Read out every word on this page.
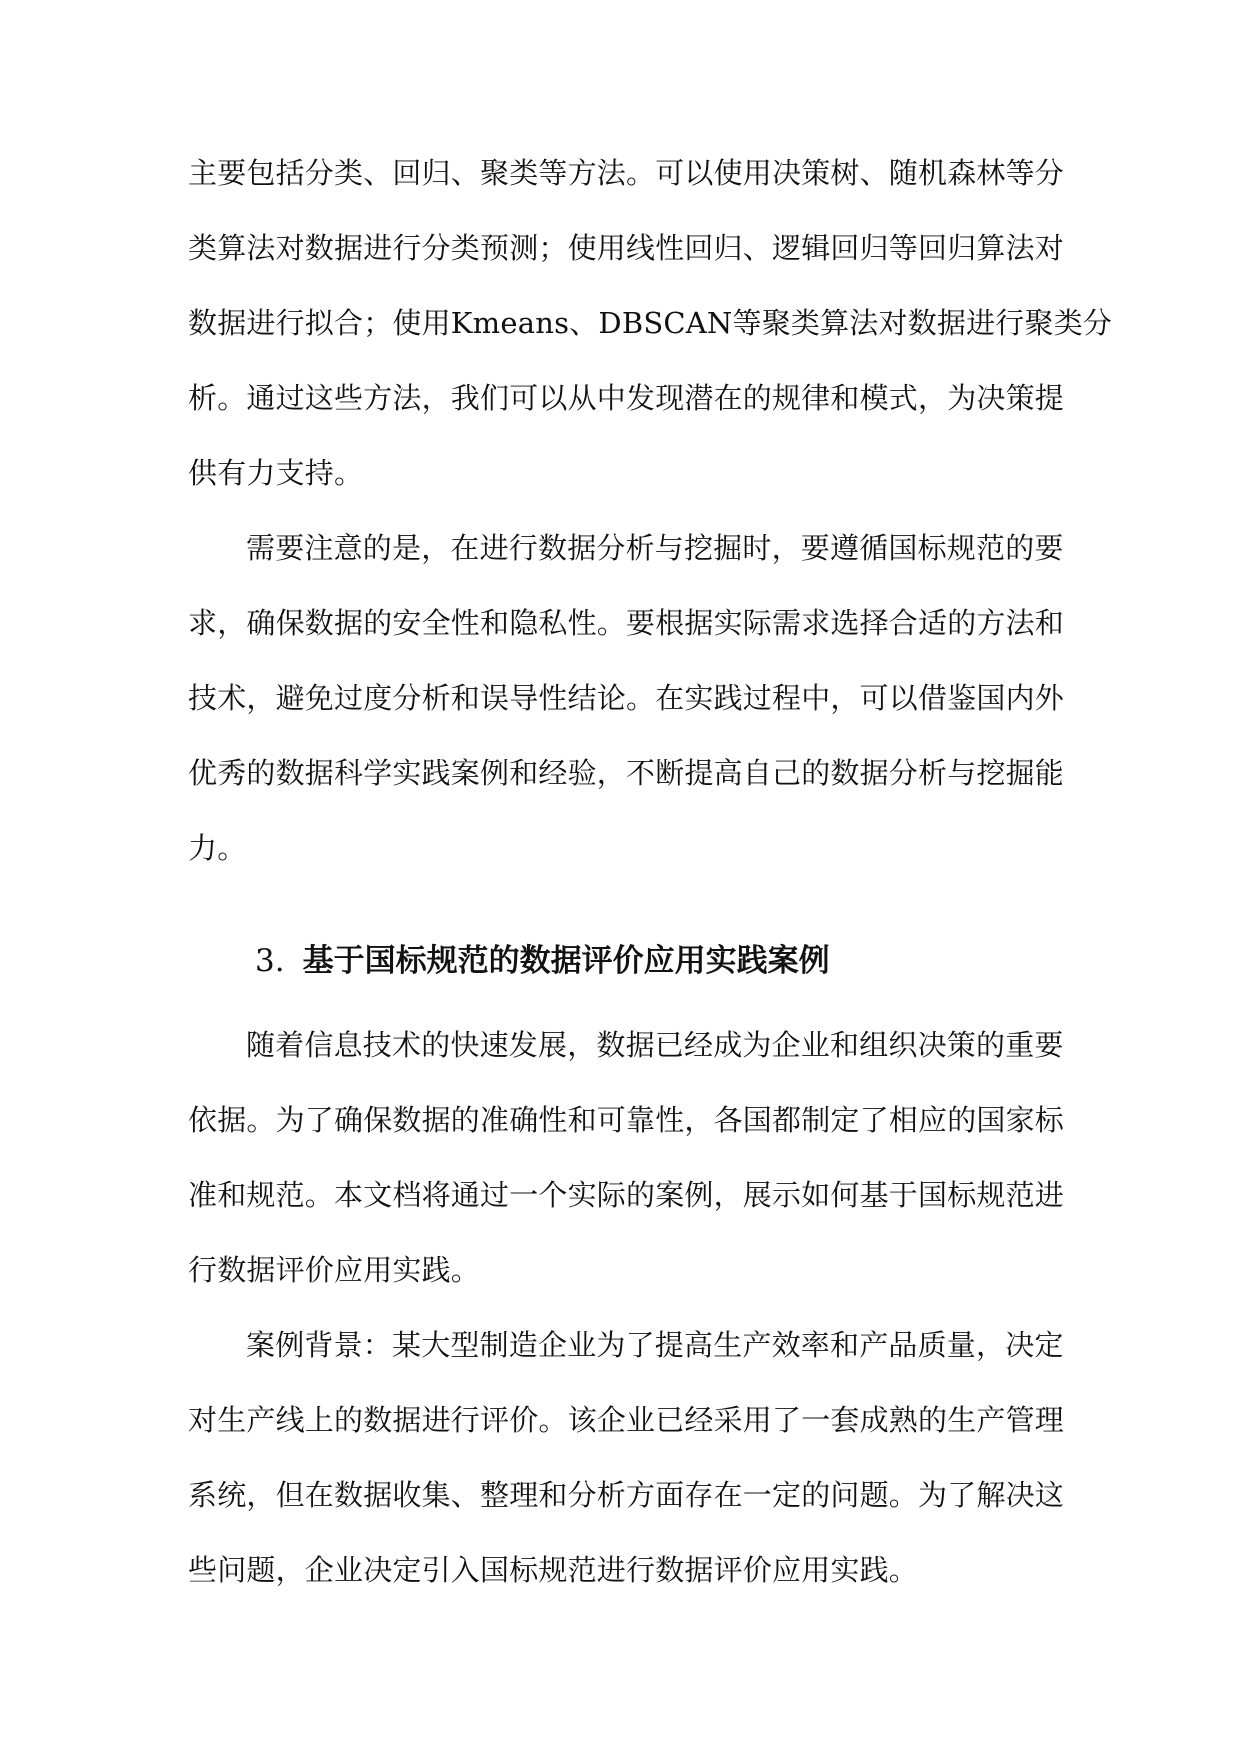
主要包括分类、回归、聚类等方法。可以使用决策树、随机森林等分
类算法对数据进行分类预测；使用线性回归、逻辑回归等回归算法对
数据进行拟合；使用Kmeans、DBSCAN等聚类算法对数据进行聚类分
析。通过这些方法，我们可以从中发现潜在的规律和模式，为决策提
供有力支持。
需要注意的是，在进行数据分析与挖掘时，要遵循国标规范的要
求，确保数据的安全性和隐私性。要根据实际需求选择合适的方法和
技术，避免过度分析和误导性结论。在实践过程中，可以借鉴国内外
优秀的数据科学实践案例和经验，不断提高自己的数据分析与挖掘能
力。
3. 基于国标规范的数据评价应用实践案例
随着信息技术的快速发展，数据已经成为企业和组织决策的重要
依据。为了确保数据的准确性和可靠性，各国都制定了相应的国家标
准和规范。本文档将通过一个实际的案例，展示如何基于国标规范进
行数据评价应用实践。
案例背景：某大型制造企业为了提高生产效率和产品质量，决定
对生产线上的数据进行评价。该企业已经采用了一套成熟的生产管理
系统，但在数据收集、整理和分析方面存在一定的问题。为了解决这
些问题，企业决定引入国标规范进行数据评价应用实践。
